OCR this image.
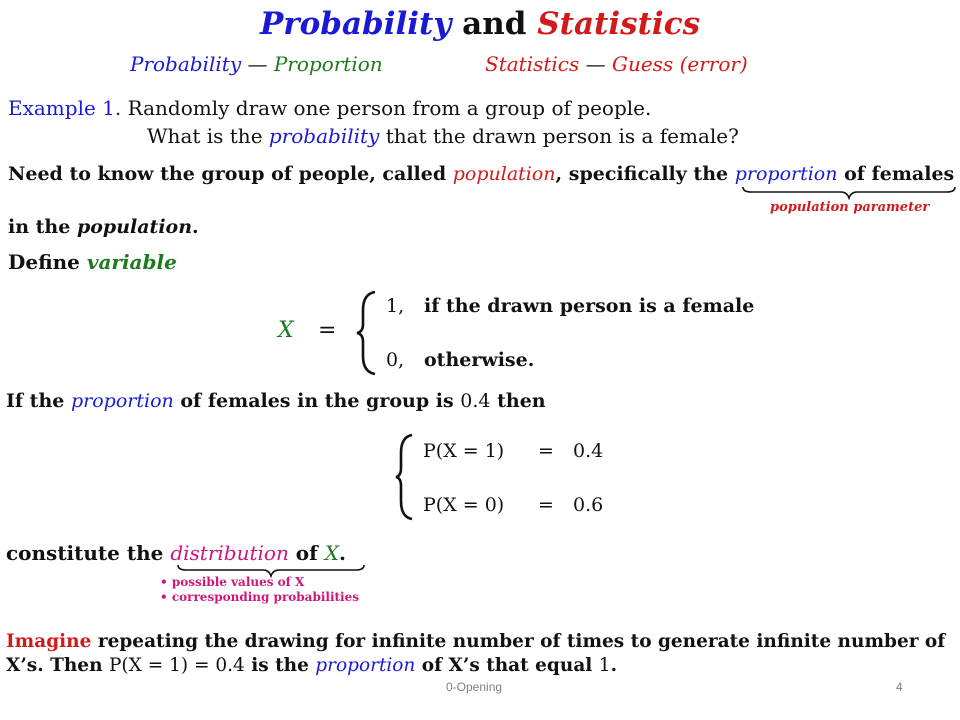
Probability and Statistics
Probability — Proportion	Statistics — Guess (error)
Example 1. Randomly draw one person from a group of people.
What is the probability that the drawn person is a female?
Need to know the group of people, called population, specifically the proportion of females
population parameter
in the population.
Define variable
X =
1, if the drawn person is a female
0, otherwise.
If the proportion of females in the group is 0.4 then
P(X = 1) = 0.4
P(X = 0) = 0.6
constitute the distribution of X.
• possible values of X
• corresponding probabilities
Imagine repeating the drawing for infinite number of times to generate infinite number of
X’s. Then P(X = 1) = 0.4 is the proportion of X’s that equal 1.
0-Opening	4
